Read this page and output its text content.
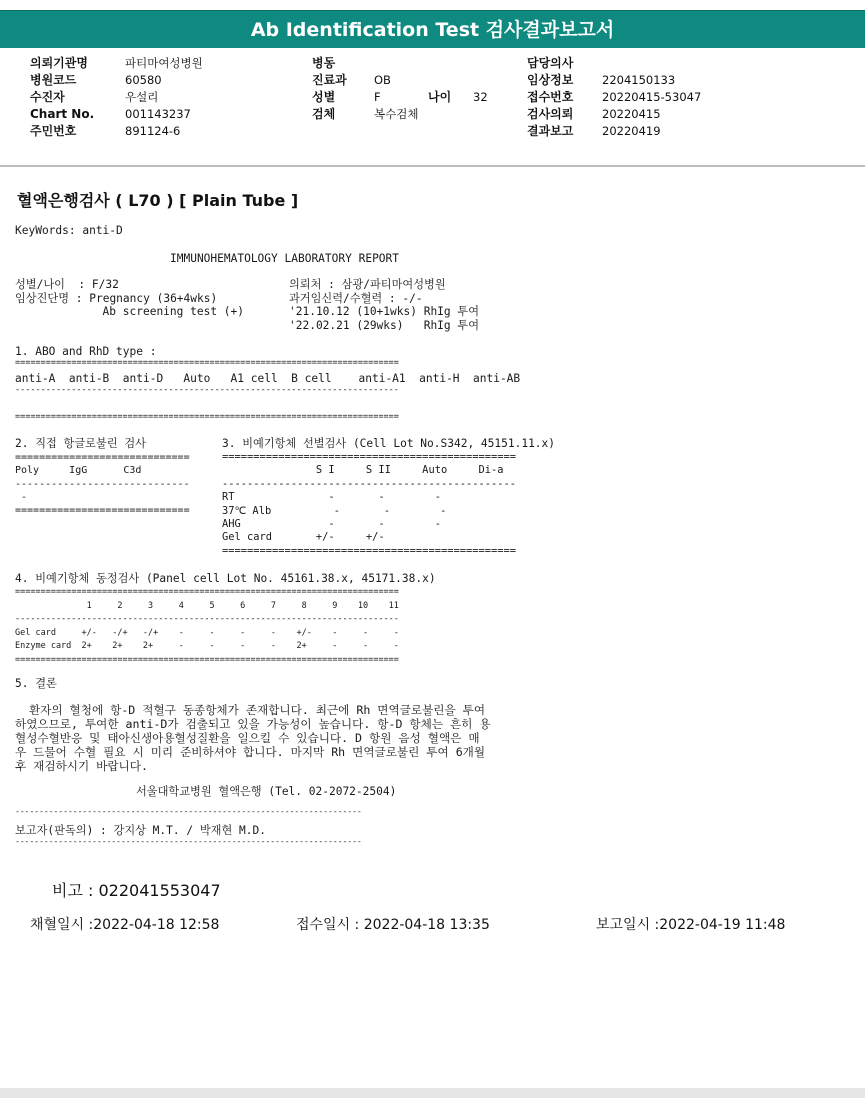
Ab Identification Test 검사결과보고서
의뢰기관명	파티마여성병원
병원코드	60580
수진자	우설리
Chart No.	001143237
주민번호	891124-6
병동
진료과	OB
성별	F	나이	32
검체	복수검체
담당의사
임상정보	2204150133
접수번호	20220415-53047
검사의뢰	20220415
결과보고	20220419
혈액은행검사 ( L70 ) [ Plain Tube ]
KeyWords: anti-D
IMMUNOHEMATOLOGY LABORATORY REPORT
성별/나이  : F/32
임상진단명 : Pregnancy (36+4wks)
Ab screening test (+)
의뢰처 : 삼광/파티마여성병원
과거임신력/수혈력 : -/-
'21.10.12 (10+1wks) RhIg 투여
'22.02.21 (29wks)   RhIg 투여
1. ABO and RhD type :
===========================================================================
anti-A  anti-B  anti-D   Auto   A1 cell  B cell    anti-A1  anti-H  anti-AB
---------------------------------------------------------------------------
===========================================================================
2. 직접 항글로불린 검사
=============================
Poly     IgG      C3d
-----------------------------
-
=============================
3. 비예기항체 선별검사 (Cell Lot No.S342, 45151.11.x)
===============================================
S I     S II     Auto     Di-a
-----------------------------------------------
RT               -       -        -
37℃ Alb          -       -        -
AHG              -       -        -
Gel card       +/-     +/-
===============================================
4. 비예기항체 동정검사 (Panel cell Lot No. 45161.38.x, 45171.38.x)
===========================================================================
1     2     3     4     5     6     7     8     9    10    11
---------------------------------------------------------------------------
Gel card     +/-   -/+   -/+    -     -     -     -    +/-    -     -     -
Enzyme card  2+    2+    2+     -     -     -     -    2+     -     -     -
===========================================================================
5. 결론
환자의 혈청에 항-D 적혈구 동종항체가 존재합니다. 최근에 Rh 면역글로불린을 투여
하였으므로, 투여한 anti-D가 검출되고 있을 가능성이 높습니다. 항-D 항체는 흔히 용
혈성수혈반응 및 태아신생아용혈성질환을 일으킬 수 있습니다. D 항원 음성 혈액은 매
우 드물어 수혈 필요 시 미리 준비하셔야 합니다. 마지막 Rh 면역글로불린 투여 6개월
후 재검하시기 바랍니다.
서울대학교병원 혈액은행 (Tel. 02-2072-2504)
------------------------------------------------------------------------
보고자(판독의) : 강지상 M.T. / 박재현 M.D.
------------------------------------------------------------------------
비고 : 022041553047
채혈일시 :2022-04-18 12:58	접수일시 : 2022-04-18 13:35	보고일시 :2022-04-19 11:48
